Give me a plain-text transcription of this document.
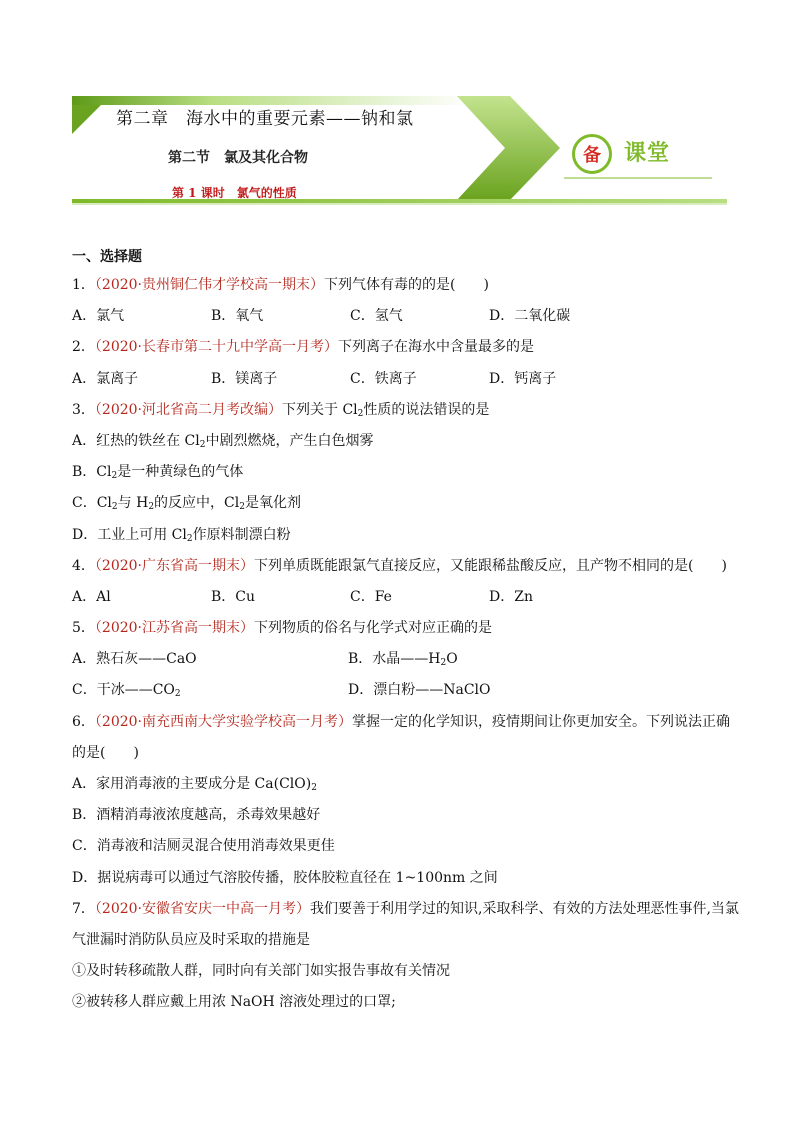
第二章　海水中的重要元素——钠和氯
第二节　氯及其化合物
第 1 课时　氯气的性质
备 课堂
一、选择题
1．（2020·贵州铜仁伟才学校高一期末）下列气体有毒的的是(　　)
A．氯气	B．氧气	C．氢气	D．二氧化碳
2．（2020·长春市第二十九中学高一月考）下列离子在海水中含量最多的是
A．氯离子	B．镁离子	C．铁离子	D．钙离子
3．（2020·河北省高二月考改编）下列关于 $Cl_2$性质的说法错误的是
A．红热的铁丝在 $Cl_2$中剧烈燃烧，产生白色烟雾
B．$Cl_2$是一种黄绿色的气体
C．$Cl_2$与 $H_2$的反应中，$Cl_2$是氧化剂
D．工业上可用 $Cl_2$作原料制漂白粉
4．（2020·广东省高一期末）下列单质既能跟氯气直接反应，又能跟稀盐酸反应，且产物不相同的是(　　)
A．Al	B．Cu	C．Fe	D．Zn
5．（2020·江苏省高一期末）下列物质的俗名与化学式对应正确的是
A．熟石灰——CaO	B．水晶$——H_2O$
C．干冰$——CO_2$	D．漂白粉——NaClO
6．（2020·南充西南大学实验学校高一月考）掌握一定的化学知识，疫情期间让你更加安全。下列说法正确
的是(　　)
A．家用消毒液的主要成分是 $Ca(ClO)_2$
B．酒精消毒液浓度越高，杀毒效果越好
C．消毒液和洁厕灵混合使用消毒效果更佳
D．据说病毒可以通过气溶胶传播，胶体胶粒直径在 1~100nm 之间
7．（2020·安徽省安庆一中高一月考）我们要善于利用学过的知识,采取科学、有效的方法处理恶性事件,当氯
气泄漏时消防队员应及时采取的措施是
①及时转移疏散人群，同时向有关部门如实报告事故有关情况
②被转移人群应戴上用浓 NaOH 溶液处理过的口罩;
